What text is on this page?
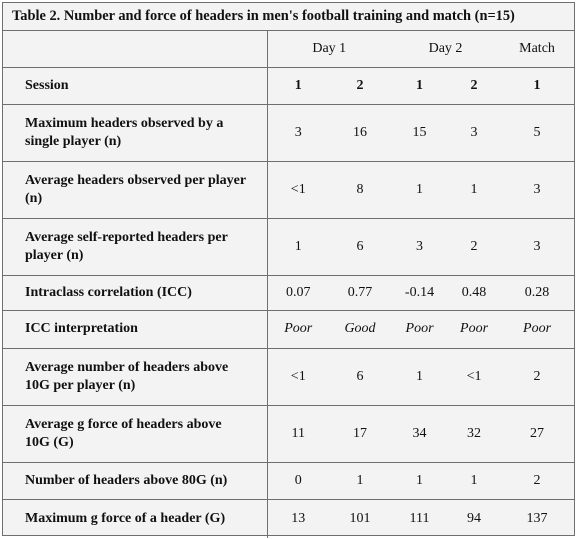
Table 2. Number and force of headers in men's football training and match (n=15)
	Day 1		Day 2		Match
Session	1	2	1	2	1
Maximum headers observed by a single player (n)	3	16	15	3	5
Average headers observed per player (n)	<1	8	1	1	3
Average self-reported headers per player (n)	1	6	3	2	3
Intraclass correlation (ICC)	0.07	0.77	-0.14	0.48	0.28
ICC interpretation	Poor	Good	Poor	Poor	Poor
Average number of headers above 10G per player (n)	<1	6	1	<1	2
Average g force of headers above 10G (G)	11	17	34	32	27
Number of headers above 80G (n)	0	1	1	1	2
Maximum g force of a header (G)	13	101	111	94	137
